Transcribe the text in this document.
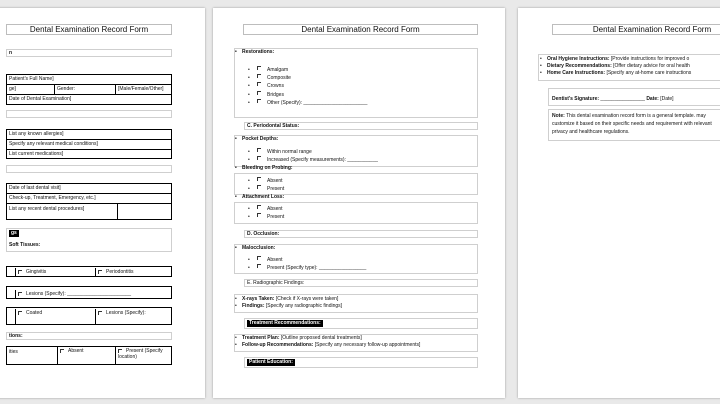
Dental Examination Record Form
n
Patient's Full Name]
ge]	Gender:	[Male/Female/Other]
Date of Dental Examination]
List any known allergies]
Specify any relevant medical conditions]
List current medications]
Date of last dental visit]
Check-up, Treatment, Emergency, etc.]
List any recent dental procedures]
gs
Soft Tissues:
Gingivitis	Periodontitis
Lesions (Specify): _______________________
Coated	Lesions (Specify):
tions:
ities	Absent	Present (Specify location)
Dental Examination Record Form
• Restorations:
• Amalgam
• Composite
• Crowns
• Bridges
• Other (Specify): _______________________
C. Periodontal Status:
• Pocket Depths:
• Within normal range
• Increased (Specify measurements): ___________
• Bleeding on Probing:
• Absent
• Present
• Attachment Loss:
• Absent
• Present
D. Occlusion:
• Malocclusion:
• Absent
• Present (Specify type): _________________
E. Radiographic Findings:
• X-rays Taken: [Check if X-rays were taken]
• Findings: [Specify any radiographic findings]
Treatment Recommendations:
• Treatment Plan: [Outline proposed dental treatments]
• Follow-up Recommendations: [Specify any necessary follow-up appointments]
Patient Education:
Dental Examination Record Form
• Oral Hygiene Instructions: [Provide instructions for improved o
• Dietary Recommendations: [Offer dietary advice for oral health
• Home Care Instructions: [Specify any at-home care instructions
Dentist's Signature: ________________ Date: [Date]
Note: This dental examination record form is a general template. may customize it based on their specific needs and requirement with relevant privacy and healthcare regulations.
